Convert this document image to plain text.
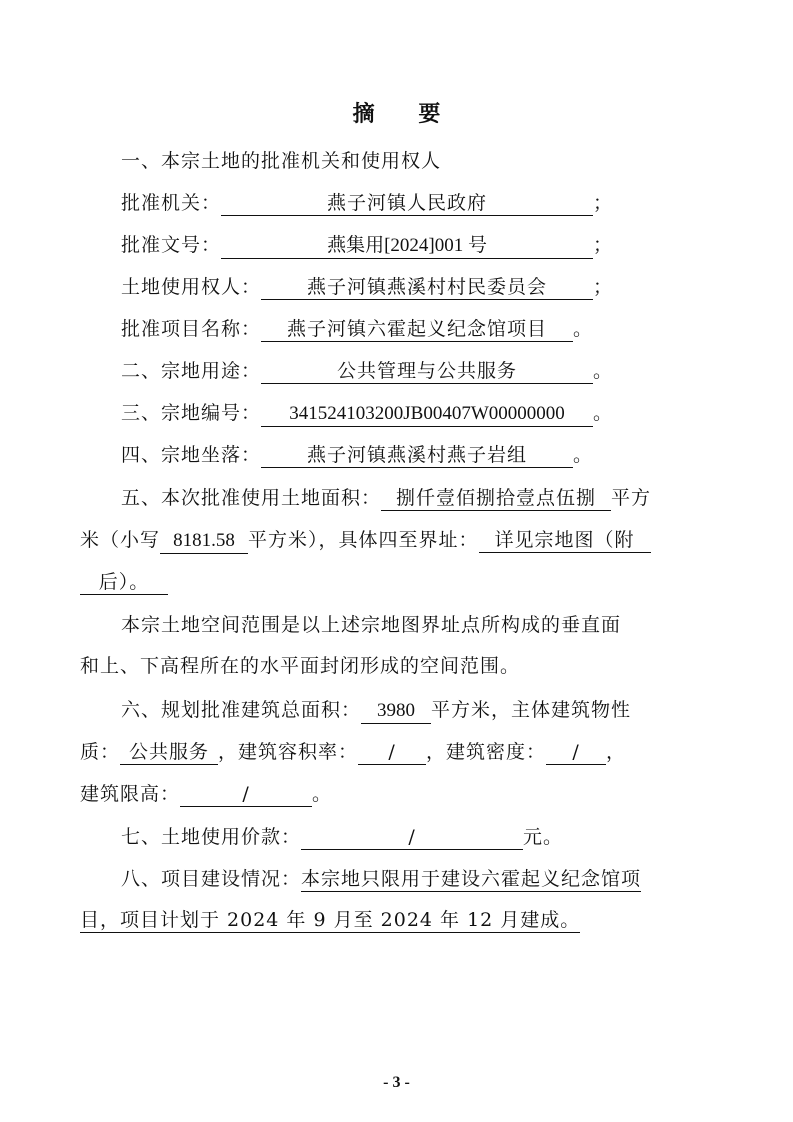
摘 要
一、本宗土地的批准机关和使用权人
批准机关：	燕子河镇人民政府	；
批准文号：	燕集用[2024]001 号	；
土地使用权人： 燕子河镇燕溪村村民委员会 ；
批准项目名称： 燕子河镇六霍起义纪念馆项目 。
二、宗地用途：	公共管理与公共服务	。
三、宗地编号： 341524103200JB00407W00000000 。
四、宗地坐落： 燕子河镇燕溪村燕子岩组 。
五、本次批准使用土地面积： 捌仟壹佰捌拾壹点伍捌 平方
米（小写 8181.58 平方米），具体四至界址： 详见宗地图（附
后）。
本宗土地空间范围是以上述宗地图界址点所构成的垂直面
和上、下高程所在的水平面封闭形成的空间范围。
六、规划批准建筑总面积： 3980 平方米，主体建筑物性
质： 公共服务 ，建筑容积率： / ，建筑密度： / ，
建筑限高：	/	。
七、土地使用价款：	/	元。
八、项目建设情况：本宗地只限用于建设六霍起义纪念馆项
目，项目计划于 2024 年 9 月至 2024 年 12 月建成。
- 3 -
